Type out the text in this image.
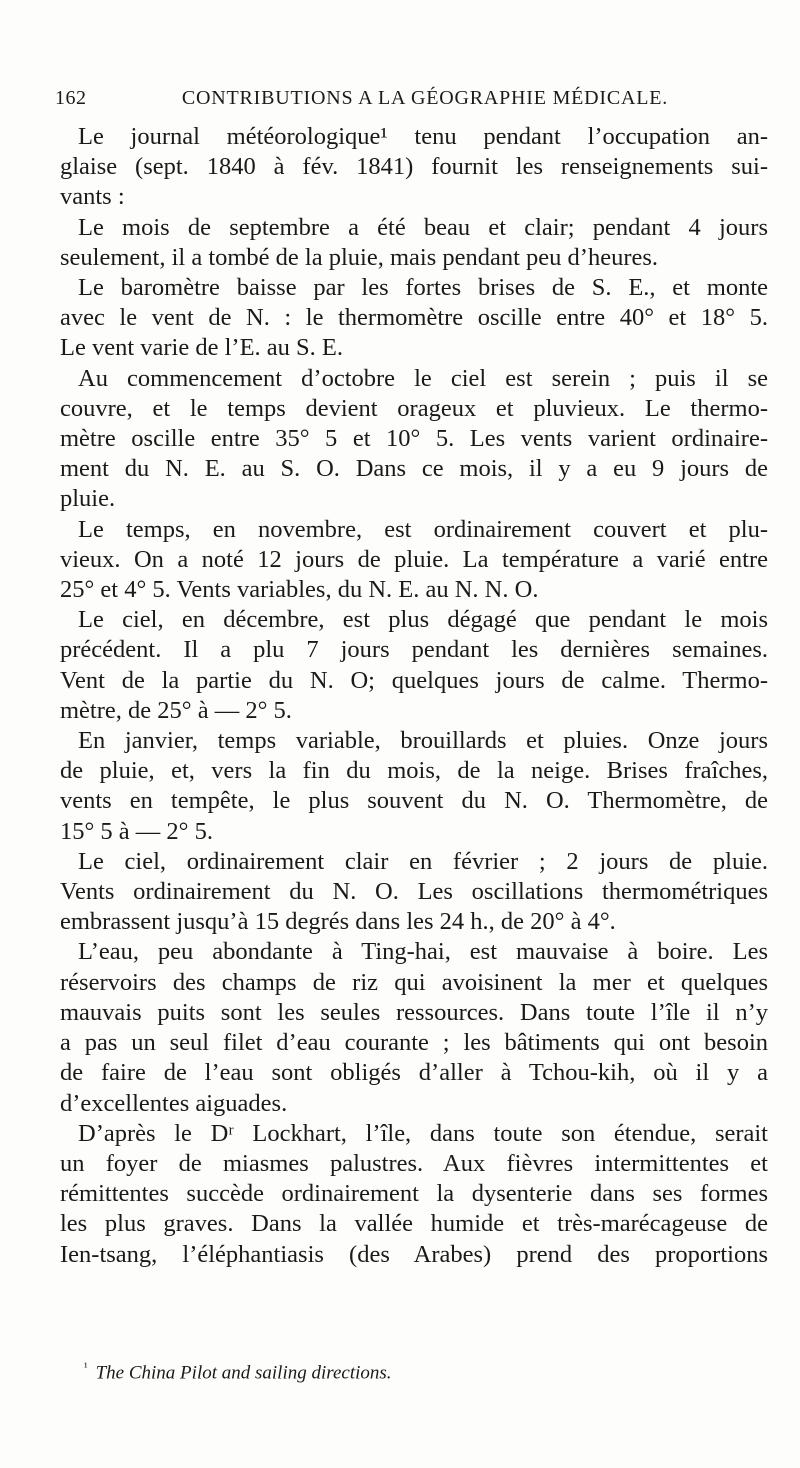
162	CONTRIBUTIONS A LA GÉOGRAPHIE MÉDICALE.
Le journal météorologique¹ tenu pendant l’occupation an-
glaise (sept. 1840 à fév. 1841) fournit les renseignements sui-
vants :
Le mois de septembre a été beau et clair; pendant 4 jours
seulement, il a tombé de la pluie, mais pendant peu d’heures.
Le baromètre baisse par les fortes brises de S. E., et monte
avec le vent de N. : le thermomètre oscille entre 40° et 18° 5.
Le vent varie de l’E. au S. E.
Au commencement d’octobre le ciel est serein ; puis il se
couvre, et le temps devient orageux et pluvieux. Le thermo-
mètre oscille entre 35° 5 et 10° 5. Les vents varient ordinaire-
ment du N. E. au S. O. Dans ce mois, il y a eu 9 jours de
pluie.
Le temps, en novembre, est ordinairement couvert et plu-
vieux. On a noté 12 jours de pluie. La température a varié entre
25° et 4° 5. Vents variables, du N. E. au N. N. O.
Le ciel, en décembre, est plus dégagé que pendant le mois
précédent. Il a plu 7 jours pendant les dernières semaines.
Vent de la partie du N. O; quelques jours de calme. Thermo-
mètre, de 25° à — 2° 5.
En janvier, temps variable, brouillards et pluies. Onze jours
de pluie, et, vers la fin du mois, de la neige. Brises fraîches,
vents en tempête, le plus souvent du N. O. Thermomètre, de
15° 5 à — 2° 5.
Le ciel, ordinairement clair en février ; 2 jours de pluie.
Vents ordinairement du N. O. Les oscillations thermométriques
embrassent jusqu’à 15 degrés dans les 24 h., de 20° à 4°.
L’eau, peu abondante à Ting-hai, est mauvaise à boire. Les
réservoirs des champs de riz qui avoisinent la mer et quelques
mauvais puits sont les seules ressources. Dans toute l’île il n’y
a pas un seul filet d’eau courante ; les bâtiments qui ont besoin
de faire de l’eau sont obligés d’aller à Tchou-kih, où il y a
d’excellentes aiguades.
D’après le Dʳ Lockhart, l’île, dans toute son étendue, serait
un foyer de miasmes palustres. Aux fièvres intermittentes et
rémittentes succède ordinairement la dysenterie dans ses formes
les plus graves. Dans la vallée humide et très-marécageuse de
Ien-tsang, l’éléphantiasis (des Arabes) prend des proportions
$^{^1}$ The China Pilot and sailing directions.
